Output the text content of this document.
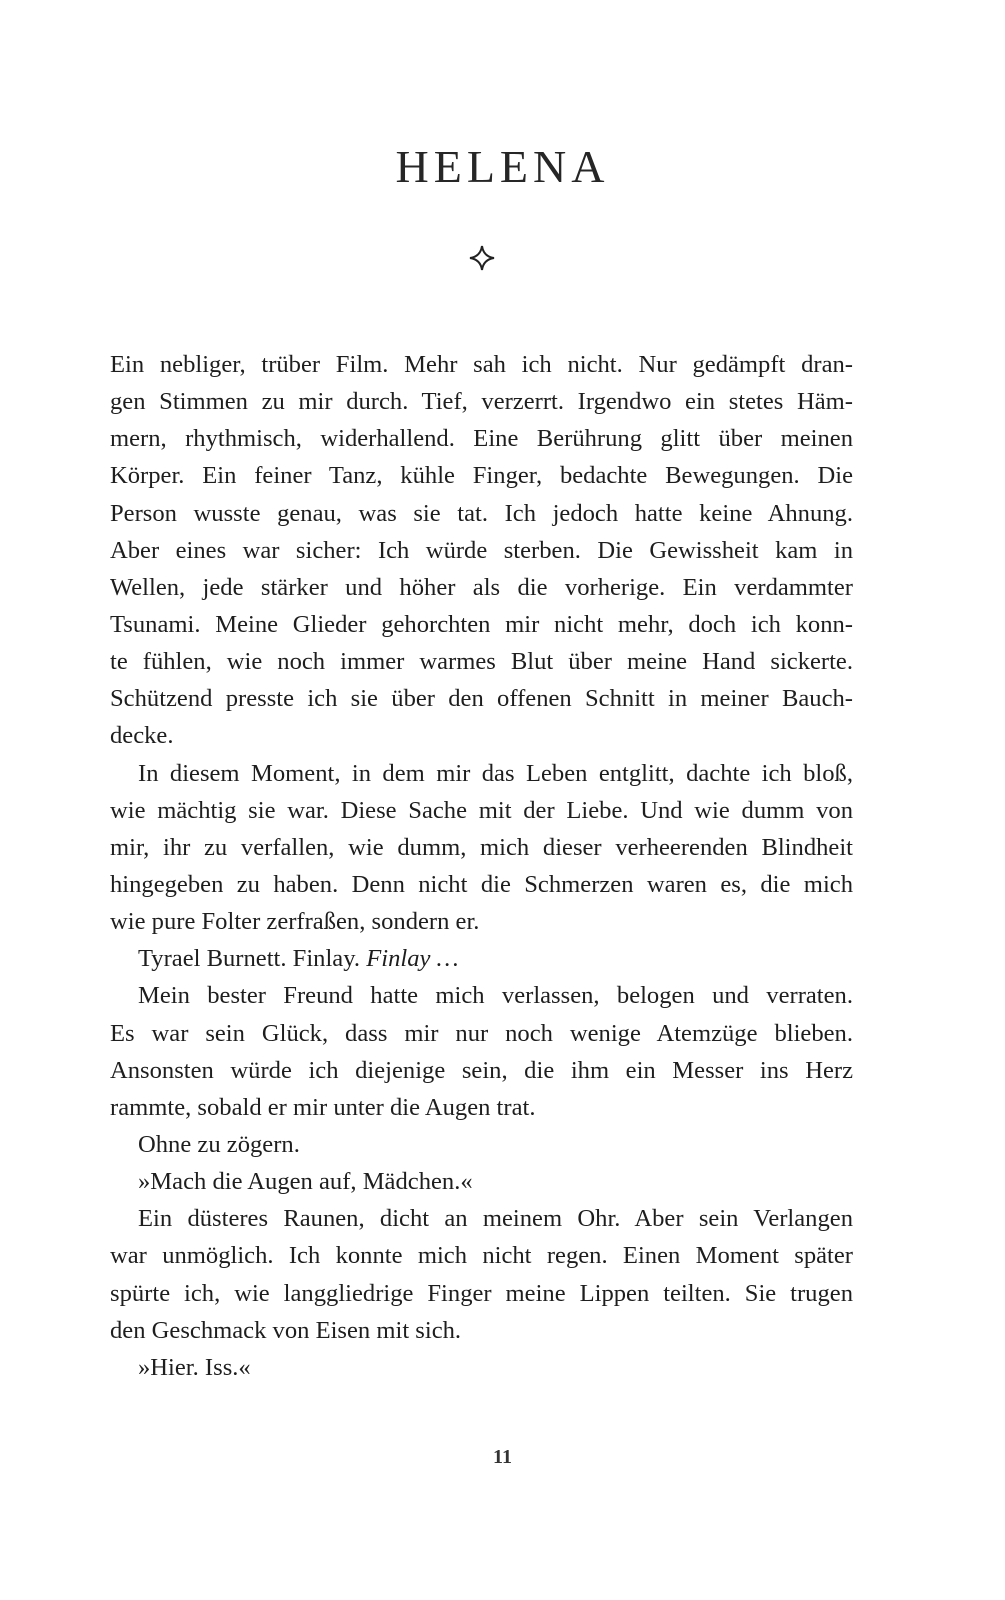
HELENA
Ein nebliger, trüber Film. Mehr sah ich nicht. Nur gedämpft dran-
gen Stimmen zu mir durch. Tief, verzerrt. Irgendwo ein stetes Häm-
mern, rhythmisch, widerhallend. Eine Berührung glitt über meinen
Körper. Ein feiner Tanz, kühle Finger, bedachte Bewegungen. Die
Person wusste genau, was sie tat. Ich jedoch hatte keine Ahnung.
Aber eines war sicher: Ich würde sterben. Die Gewissheit kam in
Wellen, jede stärker und höher als die vorherige. Ein verdammter
Tsunami. Meine Glieder gehorchten mir nicht mehr, doch ich konn-
te fühlen, wie noch immer warmes Blut über meine Hand sickerte.
Schützend presste ich sie über den offenen Schnitt in meiner Bauch-
decke.
In diesem Moment, in dem mir das Leben entglitt, dachte ich bloß,
wie mächtig sie war. Diese Sache mit der Liebe. Und wie dumm von
mir, ihr zu verfallen, wie dumm, mich dieser verheerenden Blindheit
hingegeben zu haben. Denn nicht die Schmerzen waren es, die mich
wie pure Folter zerfraßen, sondern er.
Tyrael Burnett. Finlay. Finlay …
Mein bester Freund hatte mich verlassen, belogen und verraten.
Es war sein Glück, dass mir nur noch wenige Atemzüge blieben.
Ansonsten würde ich diejenige sein, die ihm ein Messer ins Herz
rammte, sobald er mir unter die Augen trat.
Ohne zu zögern.
»Mach die Augen auf, Mädchen.«
Ein düsteres Raunen, dicht an meinem Ohr. Aber sein Verlangen
war unmöglich. Ich konnte mich nicht regen. Einen Moment später
spürte ich, wie langgliedrige Finger meine Lippen teilten. Sie trugen
den Geschmack von Eisen mit sich.
»Hier. Iss.«
11
